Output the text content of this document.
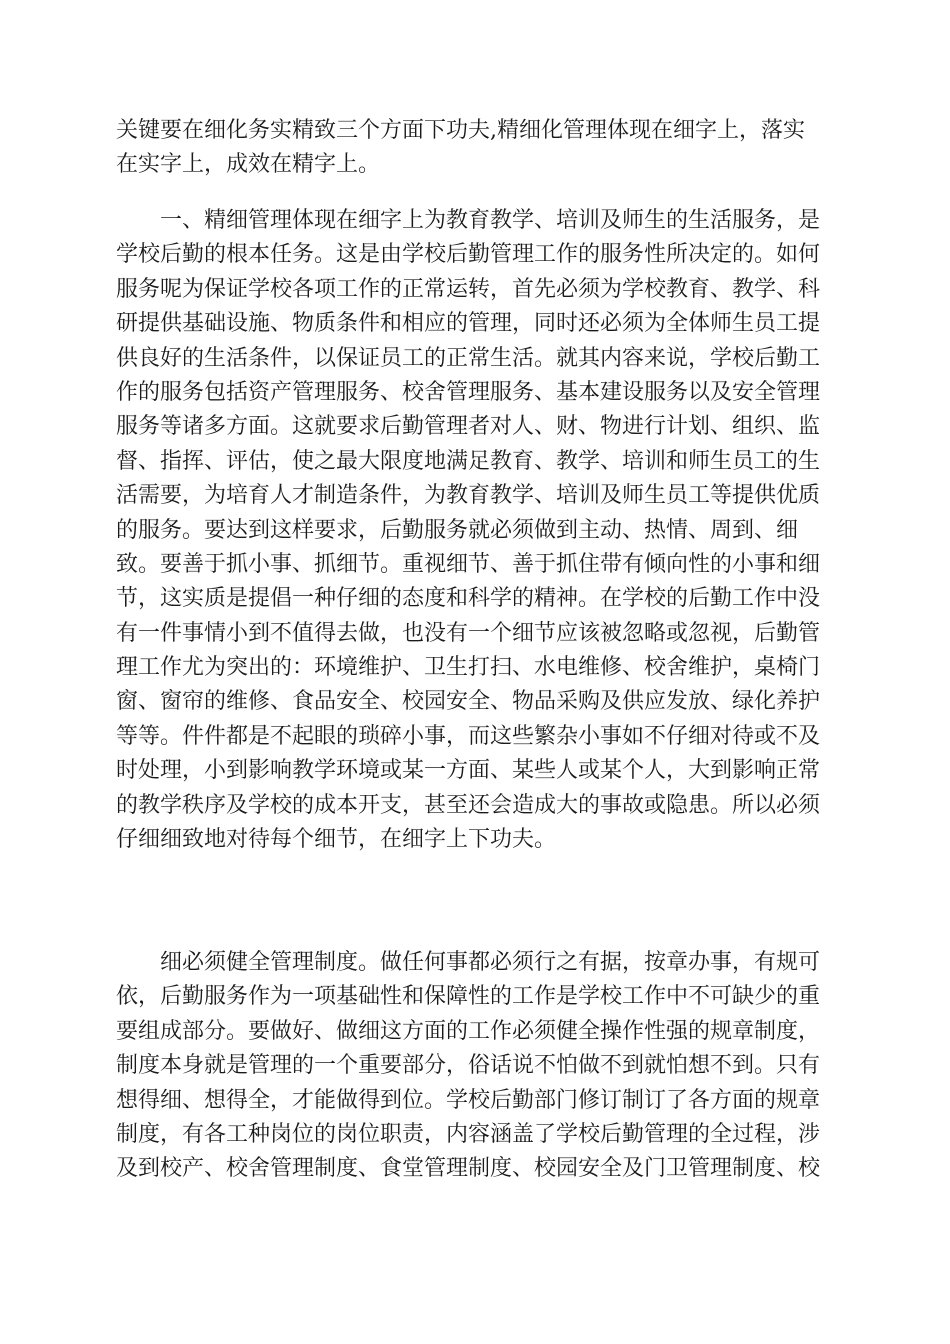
关键要在细化务实精致三个方面下功夫,精细化管理体现在细字上，落实
在实字上，成效在精字上。
　　一、精细管理体现在细字上为教育教学、培训及师生的生活服务，是
学校后勤的根本任务。这是由学校后勤管理工作的服务性所决定的。如何
服务呢为保证学校各项工作的正常运转，首先必须为学校教育、教学、科
研提供基础设施、物质条件和相应的管理，同时还必须为全体师生员工提
供良好的生活条件，以保证员工的正常生活。就其内容来说，学校后勤工
作的服务包括资产管理服务、校舍管理服务、基本建设服务以及安全管理
服务等诸多方面。这就要求后勤管理者对人、财、物进行计划、组织、监
督、指挥、评估，使之最大限度地满足教育、教学、培训和师生员工的生
活需要，为培育人才制造条件，为教育教学、培训及师生员工等提供优质
的服务。要达到这样要求，后勤服务就必须做到主动、热情、周到、细
致。要善于抓小事、抓细节。重视细节、善于抓住带有倾向性的小事和细
节，这实质是提倡一种仔细的态度和科学的精神。在学校的后勤工作中没
有一件事情小到不值得去做，也没有一个细节应该被忽略或忽视，后勤管
理工作尤为突出的：环境维护、卫生打扫、水电维修、校舍维护，桌椅门
窗、窗帘的维修、食品安全、校园安全、物品采购及供应发放、绿化养护
等等。件件都是不起眼的琐碎小事，而这些繁杂小事如不仔细对待或不及
时处理，小到影响教学环境或某一方面、某些人或某个人，大到影响正常
的教学秩序及学校的成本开支，甚至还会造成大的事故或隐患。所以必须
仔细细致地对待每个细节，在细字上下功夫。
　　细必须健全管理制度。做任何事都必须行之有据，按章办事，有规可
依，后勤服务作为一项基础性和保障性的工作是学校工作中不可缺少的重
要组成部分。要做好、做细这方面的工作必须健全操作性强的规章制度，
制度本身就是管理的一个重要部分，俗话说不怕做不到就怕想不到。只有
想得细、想得全，才能做得到位。学校后勤部门修订制订了各方面的规章
制度，有各工种岗位的岗位职责，内容涵盖了学校后勤管理的全过程，涉
及到校产、校舍管理制度、食堂管理制度、校园安全及门卫管理制度、校
